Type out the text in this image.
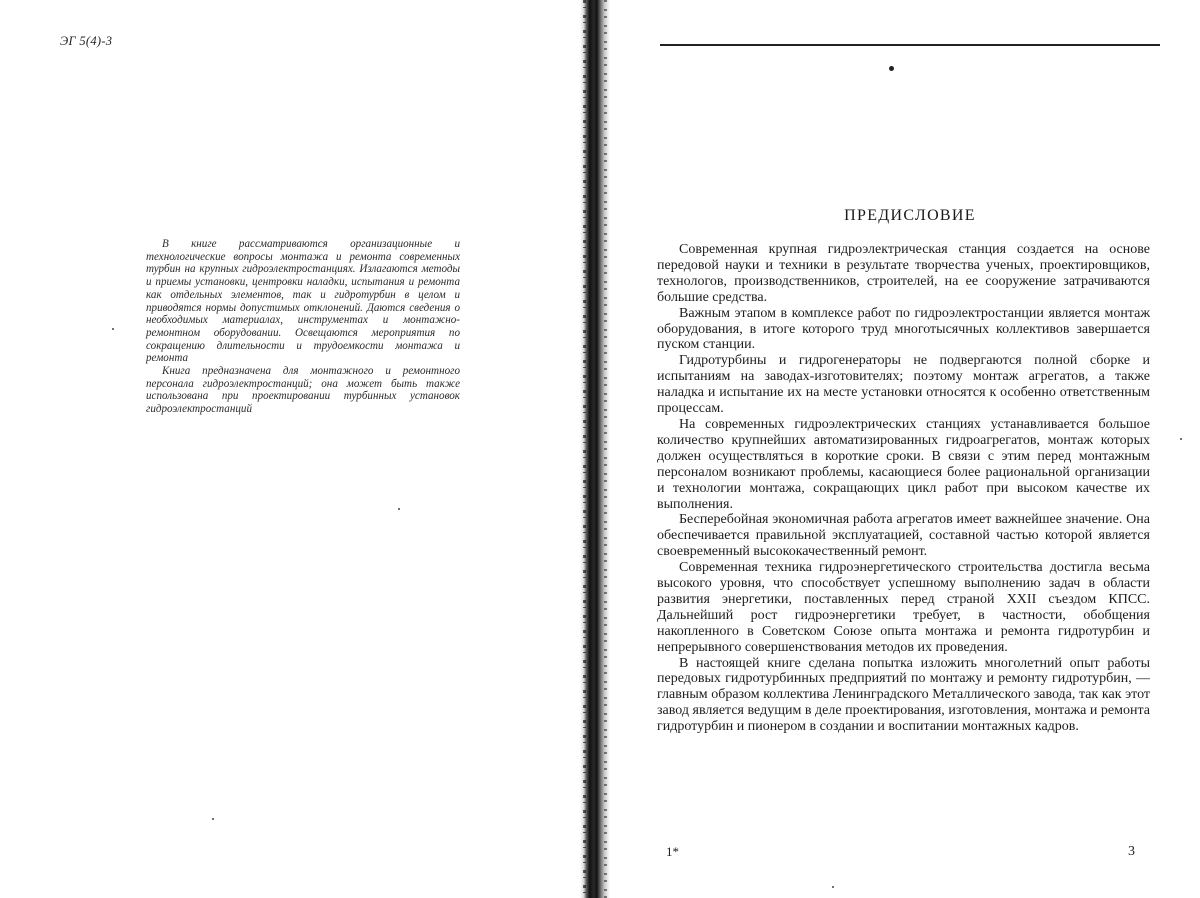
ЭГ 5(4)-3

В книге рассматриваются организационные и технологические вопросы монтажа и ремонта современных турбин на крупных гидроэлектростанциях. Излагаются методы и приемы установки, центровки наладки, испытания и ремонта как отдельных элементов, так и гидротурбин в целом и приводятся нормы допустимых отклонений. Даются сведения о необходимых материалах, инструментах и монтажно-ремонтном оборудовании. Освещаются мероприятия по сокращению длительности и трудоемкости монтажа и ремонта

Книга предназначена для монтажного и ремонтного персонала гидроэлектростанций; она может быть также использована при проектировании турбинных установок гидроэлектростанций

ПРЕДИСЛОВИЕ

Современная крупная гидроэлектрическая станция создается на основе передовой науки и техники в результате творчества ученых, проектировщиков, технологов, производственников, строителей, на ее сооружение затрачиваются большие средства.

Важным этапом в комплексе работ по гидроэлектростанции является монтаж оборудования, в итоге которого труд многотысячных коллективов завершается пуском станции.

Гидротурбины и гидрогенераторы не подвергаются полной сборке и испытаниям на заводах-изготовителях; поэтому монтаж агрегатов, а также наладка и испытание их на месте установки относятся к особенно ответственным процессам.

На современных гидроэлектрических станциях устанавливается большое количество крупнейших автоматизированных гидроагрегатов, монтаж которых должен осуществляться в короткие сроки. В связи с этим перед монтажным персоналом возникают проблемы, касающиеся более рациональной организации и технологии монтажа, сокращающих цикл работ при высоком качестве их выполнения.

Бесперебойная экономичная работа агрегатов имеет важнейшее значение. Она обеспечивается правильной эксплуатацией, составной частью которой является своевременный высококачественный ремонт.

Современная техника гидроэнергетического строительства достигла весьма высокого уровня, что способствует успешному выполнению задач в области развития энергетики, поставленных перед страной XXII съездом КПСС. Дальнейший рост гидроэнергетики требует, в частности, обобщения накопленного в Советском Союзе опыта монтажа и ремонта гидротурбин и непрерывного совершенствования методов их проведения.

В настоящей книге сделана попытка изложить многолетний опыт работы передовых гидротурбинных предприятий по монтажу и ремонту гидротурбин, — главным образом коллектива Ленинградского Металлического завода, так как этот завод является ведущим в деле проектирования, изготовления, монтажа и ремонта гидротурбин и пионером в создании и воспитании монтажных кадров.

1*	3
